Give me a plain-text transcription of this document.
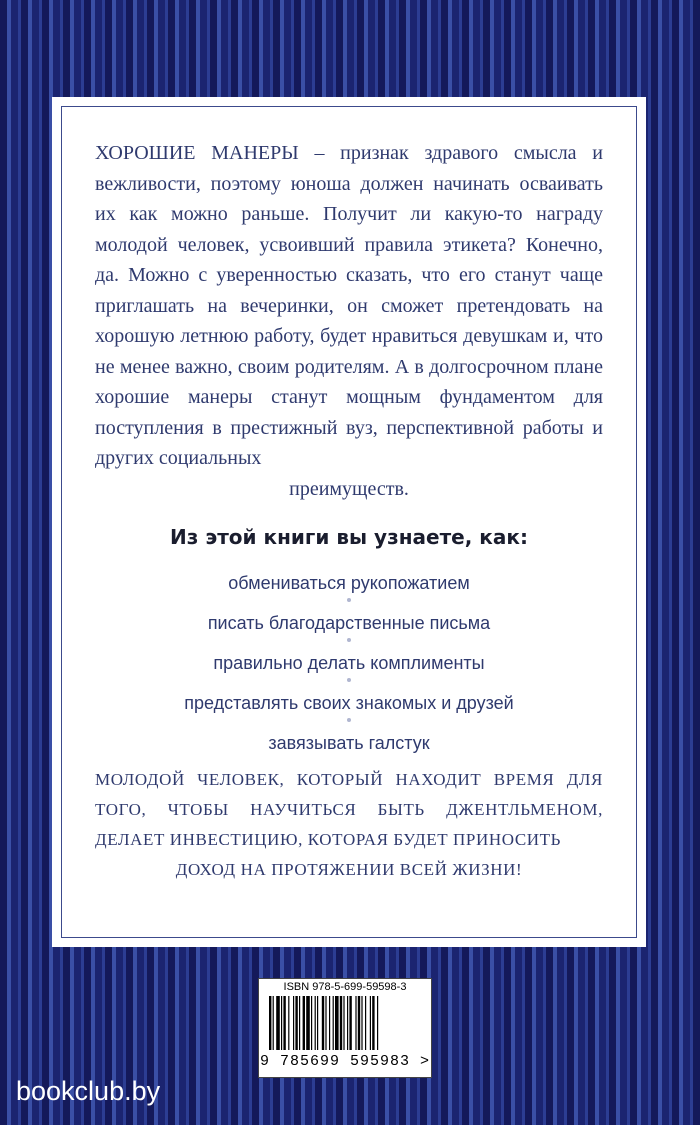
ХОРОШИЕ МАНЕРЫ – признак здравого смысла и вежливости, поэтому юноша должен начинать осваивать их как можно раньше. Получит ли какую-то награду молодой человек, усвоивший правила этикета? Конечно, да. Можно с уверенностью сказать, что его станут чаще приглашать на вечеринки, он сможет претендовать на хорошую летнюю работу, будет нравиться девушкам и, что не менее важно, своим родителям. А в долгосрочном плане хорошие манеры станут мощным фундаментом для поступления в престижный вуз, перспективной работы и других социальных
преимуществ.

Из этой книги вы узнаете, как:
обмениваться рукопожатием
писать благодарственные письма
правильно делать комплименты
представлять своих знакомых и друзей
завязывать галстук

МОЛОДОЙ ЧЕЛОВЕК, КОТОРЫЙ НАХОДИТ ВРЕМЯ ДЛЯ ТОГО, ЧТОБЫ НАУЧИТЬСЯ БЫТЬ ДЖЕНТЛЬМЕНОМ, ДЕЛАЕТ ИНВЕСТИЦИЮ, КОТОРАЯ БУДЕТ ПРИНОСИТЬ
ДОХОД НА ПРОТЯЖЕНИИ ВСЕЙ ЖИЗНИ!

ISBN 978-5-699-59598-3
9 785699 595983 >
bookclub.by
